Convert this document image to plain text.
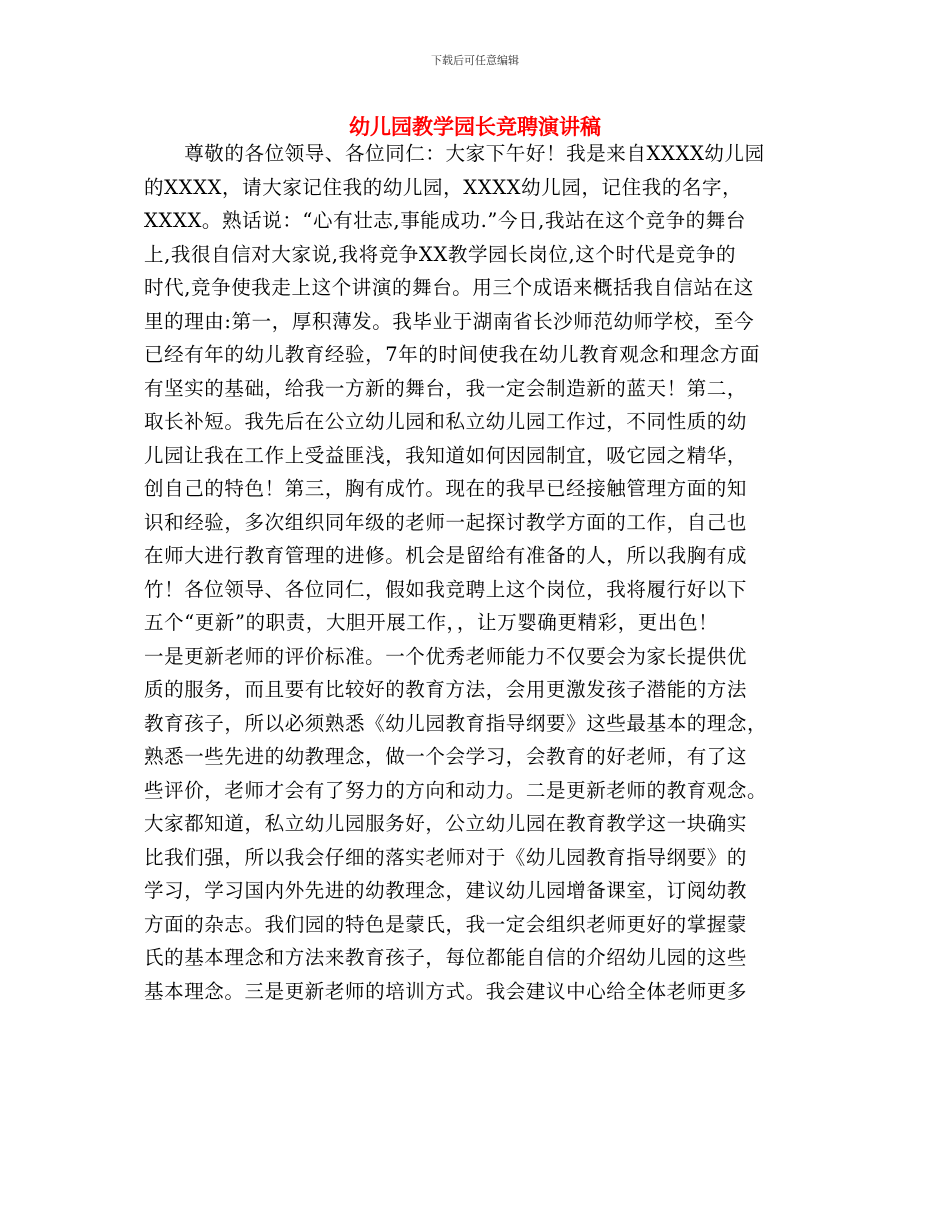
下载后可任意编辑
幼儿园教学园长竞聘演讲稿
　　尊敬的各位领导、各位同仁：大家下午好！我是来自XXXX幼儿园
的XXXX，请大家记住我的幼儿园，XXXX幼儿园，记住我的名字，
XXXX。熟话说：“心有壮志,事能成功.”今日,我站在这个竞争的舞台
上,我很自信对大家说,我将竞争XX教学园长岗位,这个时代是竞争的
时代,竞争使我走上这个讲演的舞台。用三个成语来概括我自信站在这
里的理由:第一，厚积薄发。我毕业于湖南省长沙师范幼师学校，至今
已经有年的幼儿教育经验，7年的时间使我在幼儿教育观念和理念方面
有坚实的基础，给我一方新的舞台，我一定会制造新的蓝天！第二，
取长补短。我先后在公立幼儿园和私立幼儿园工作过，不同性质的幼
儿园让我在工作上受益匪浅，我知道如何因园制宜，吸它园之精华，
创自己的特色！第三，胸有成竹。现在的我早已经接触管理方面的知
识和经验，多次组织同年级的老师一起探讨教学方面的工作，自己也
在师大进行教育管理的进修。机会是留给有准备的人，所以我胸有成
竹！各位领导、各位同仁，假如我竞聘上这个岗位，我将履行好以下
五个“更新”的职责，大胆开展工作，，让万婴确更精彩，更出色！
一是更新老师的评价标准。一个优秀老师能力不仅要会为家长提供优
质的服务，而且要有比较好的教育方法，会用更激发孩子潜能的方法
教育孩子，所以必须熟悉《幼儿园教育指导纲要》这些最基本的理念，
熟悉一些先进的幼教理念，做一个会学习，会教育的好老师，有了这
些评价，老师才会有了努力的方向和动力。二是更新老师的教育观念。
大家都知道，私立幼儿园服务好，公立幼儿园在教育教学这一块确实
比我们强，所以我会仔细的落实老师对于《幼儿园教育指导纲要》的
学习，学习国内外先进的幼教理念，建议幼儿园增备课室，订阅幼教
方面的杂志。我们园的特色是蒙氏，我一定会组织老师更好的掌握蒙
氏的基本理念和方法来教育孩子，每位都能自信的介绍幼儿园的这些
基本理念。三是更新老师的培训方式。我会建议中心给全体老师更多
